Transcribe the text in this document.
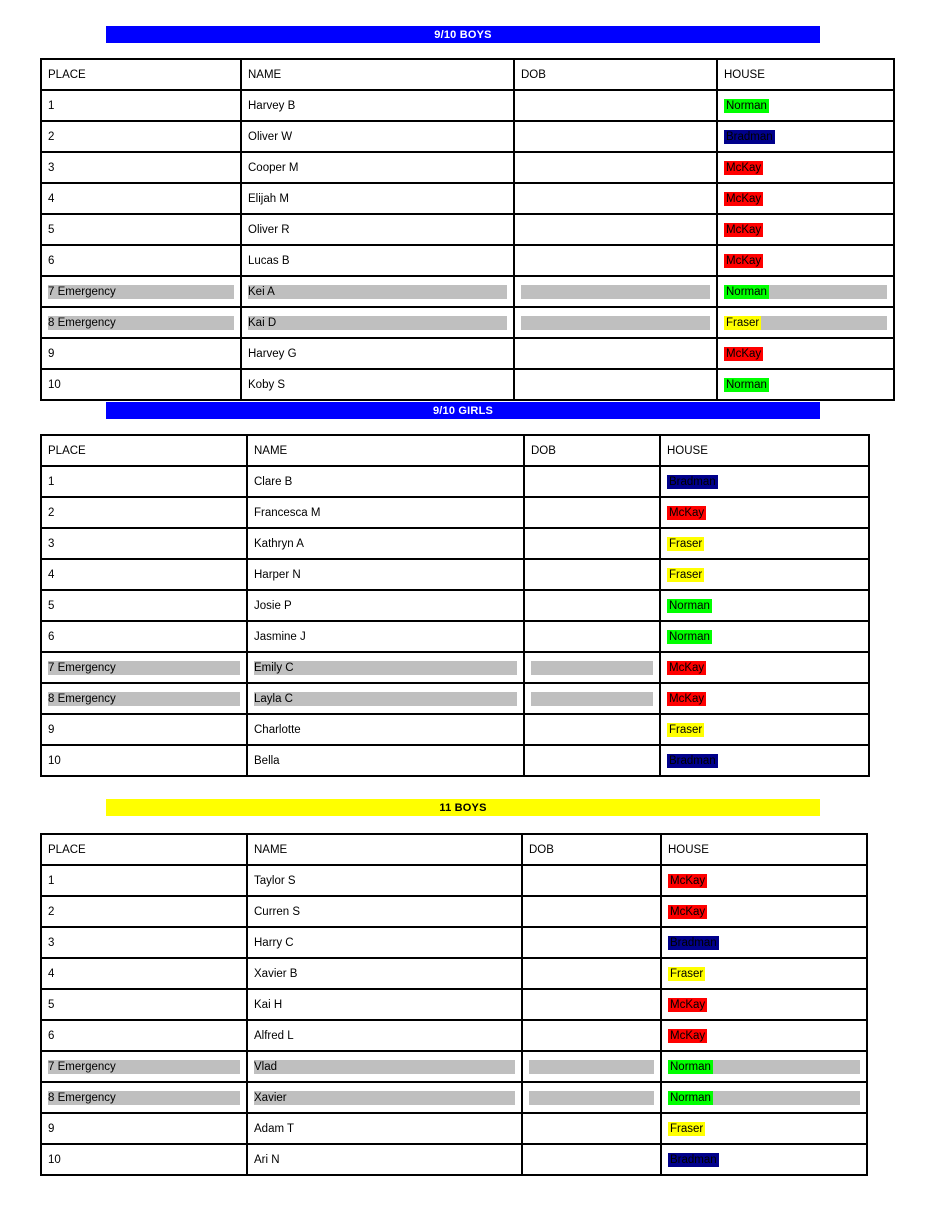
9/10 BOYS
PLACE	NAME	DOB	HOUSE
1	Harvey B		Norman

2	Oliver W		Bradman

3	Cooper M		McKay

4	Elijah M		McKay

5	Oliver R		McKay

6	Lucas B		McKay

7 Emergency	Kei A		Norman

8 Emergency	Kai D		Fraser

9	Harvey G		McKay

10	Koby S		Norman
9/10 GIRLS
PLACE	NAME	DOB	HOUSE
1	Clare B		Bradman

2	Francesca M		McKay

3	Kathryn A		Fraser

4	Harper N		Fraser

5	Josie P		Norman

6	Jasmine J		Norman

7 Emergency	Emily C		McKay

8 Emergency	Layla C		McKay

9	Charlotte		Fraser

10	Bella		Bradman
11 BOYS
PLACE	NAME	DOB	HOUSE
1	Taylor S		McKay

2	Curren S		McKay

3	Harry C		Bradman

4	Xavier B		Fraser

5	Kai H		McKay

6	Alfred L		McKay

7 Emergency	Vlad		Norman

8 Emergency	Xavier		Norman

9	Adam T		Fraser

10	Ari N		Bradman
